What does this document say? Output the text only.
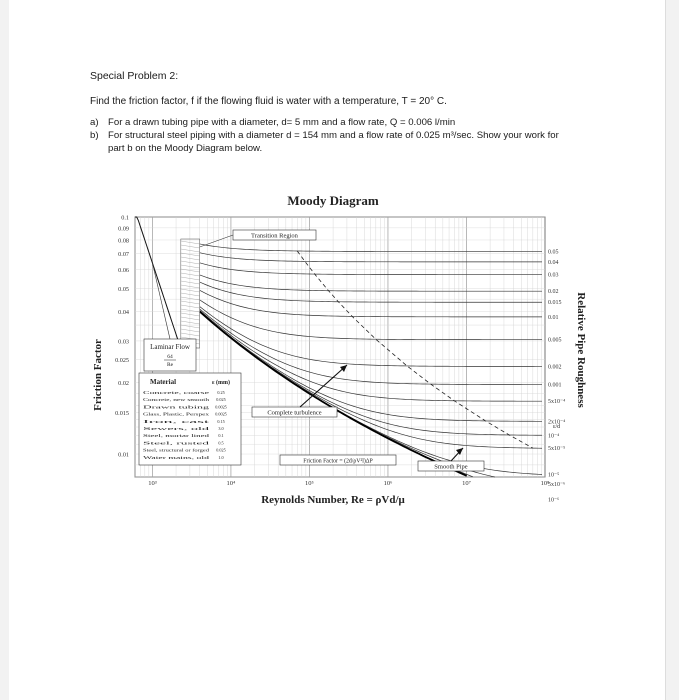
Special Problem 2:
Find the friction factor, f if the flowing fluid is water with a temperature, T = 20° C.
a) For a drawn tubing pipe with a diameter, d= 5 mm and a flow rate, Q = 0.006 l/min
b) For structural steel piping with a diameter d = 154 mm and a flow rate of 0.025 m³/sec. Show your work for part b on the Moody Diagram below.
0.1
0.09
0.08
0.07
0.06
0.05
0.04
0.03
0.025
0.02
0.015
0.01
10³	10⁴	10⁵	10⁶	10⁷	10⁸
0.05
0.04
0.03
0.02
0.015
0.01
0.005
0.002
0.001
5x10⁻⁴
2x10⁻⁴
10⁻⁴
5x10⁻⁵
10⁻⁵
5x10⁻⁶
10⁻⁶
Transition Region
Laminar Flow
64
Re
Material	ε (mm)
Concrete, coarse	0.25
Concrete, new smooth	0.025
Drawn tubing 0.0025
Glass, Plastic, Perspex	0.0025
Iron, cast	0.15
Sewers, old	3.0
Steel, mortar lined	0.1
Steel, rusted	0.5
Steel, structural or forged	0.025
Water mains, old	1.0
Complete turbulence
Friction Factor = (2d/ρV²l)ΔP
Smooth Pipe
Moody Diagram
Friction Factor	Relative Pipe Roughness
ε/d
Reynolds Number, Re = ρVd/μ
